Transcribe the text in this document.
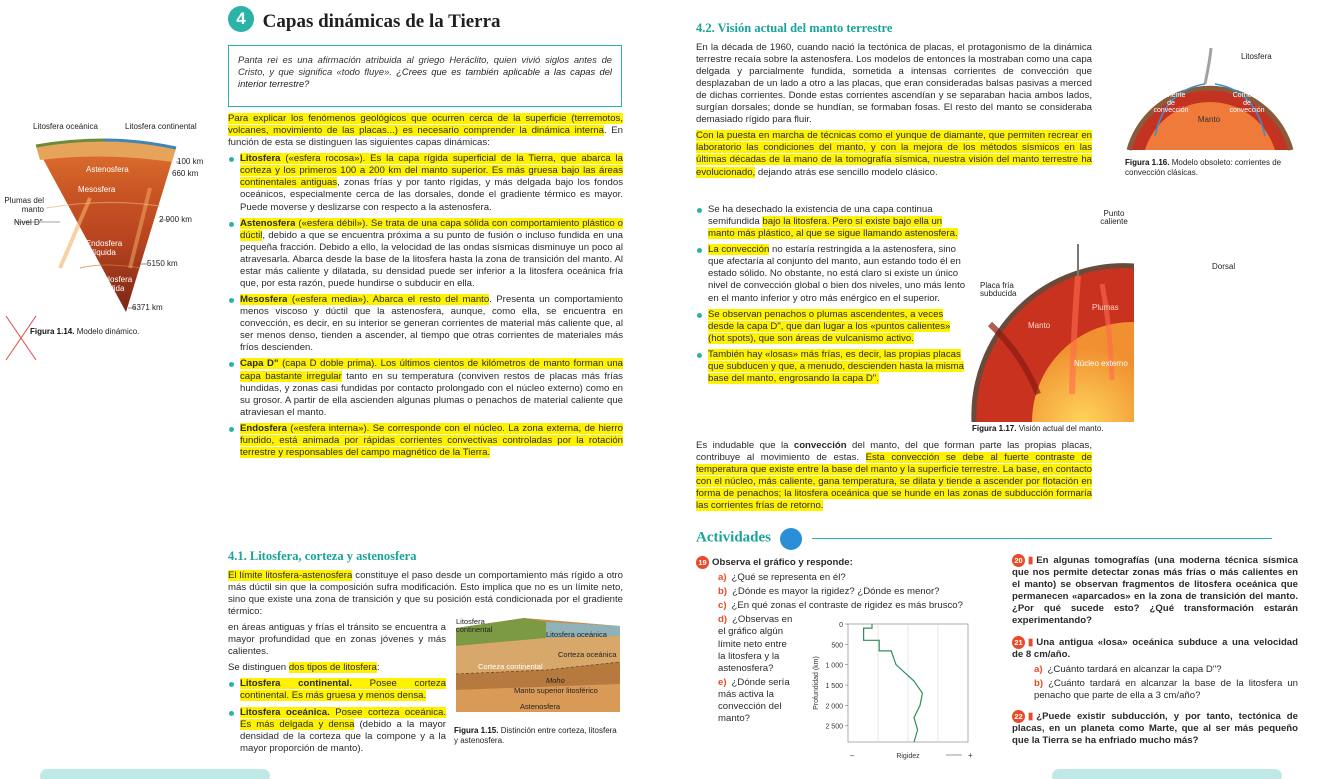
Litosfera oceánica	Litosfera continental
Astenosfera
Mesosfera
Endosfera líquida
Endosfera sólida
100 km
660 km
2 900 km
5150 km
6371 km
Plumas del manto
Nivel D"
Figura 1.14. Modelo dinámico.
4 Capas dinámicas de la Tierra
Panta rei es una afirmación atribuida al griego Heráclito, quien vivió siglos antes de Cristo, y que significa «todo fluye». ¿Crees que es también aplicable a las capas del interior terrestre?

Para explicar los fenómenos geológicos que ocurren cerca de la superficie (terremotos, volcanes, movimiento de las placas...) es necesario comprender la dinámica interna. En función de esta se distinguen las siguientes capas dinámicas:

Litosfera («esfera rocosa»). Es la capa rígida superficial de la Tierra, que abarca la corteza y los primeros 100 a 200 km del manto superior. Es más gruesa bajo las áreas continentales antiguas, zonas frías y por tanto rígidas, y más delgada bajo los fondos oceánicos, especialmente cerca de las dorsales, donde el gradiente térmico es mayor. Puede moverse y deslizarse con respecto a la astenosfera.
Astenosfera («esfera débil»). Se trata de una capa sólida con comportamiento plástico o dúctil, debido a que se encuentra próxima a su punto de fusión o incluso fundida en una pequeña fracción. Debido a ello, la velocidad de las ondas sísmicas disminuye un poco al atravesarla. Abarca desde la base de la litosfera hasta la zona de transición del manto. Al estar más caliente y dilatada, su densidad puede ser inferior a la litosfera oceánica fría que, por esta razón, puede hundirse o subducir en ella.
Mesosfera («esfera media»). Abarca el resto del manto. Presenta un comportamiento menos viscoso y dúctil que la astenosfera, aunque, como ella, se encuentra en convección, es decir, en su interior se generan corrientes de material más caliente que, al ser menos denso, tienden a ascender, al tiempo que otras corrientes de materiales más fríos descienden.
Capa D" (capa D doble prima). Los últimos cientos de kilómetros de manto forman una capa bastante irregular tanto en su temperatura (conviven restos de placas más frías hundidas, y zonas casi fundidas por contacto prolongado con el núcleo externo) como en su grosor. A partir de ella ascienden algunas plumas o penachos de material caliente que atraviesan el manto.
Endosfera («esfera interna»). Se corresponde con el núcleo. La zona externa, de hierro fundido, está animada por rápidas corrientes convectivas controladas por la rotación terrestre y responsables del campo magnético de la Tierra.
4.1. Litosfera, corteza y astenosfera

El límite litosfera-astenosfera constituye el paso desde un comportamiento más rígido a otro más dúctil sin que la composición sufra modificación. Esto implica que no es un límite neto, sino que existe una zona de transición y que su posición está condicionada por el gradiente térmico:

en áreas antiguas y frías el tránsito se encuentra a mayor profundidad que en zonas jóvenes y más calientes.

Se distinguen dos tipos de litosfera:

Litosfera continental. Posee corteza continental. Es más gruesa y menos densa.
Litosfera oceánica. Posee corteza oceánica. Es más delgada y densa (debido a la mayor densidad de la corteza que la compone y a la mayor proporción de manto).
Litosfera continental
Litosfera oceánica
Corteza oceánica
Corteza continental
Moho
Manto superior litosférico
Astenosfera
Figura 1.15. Distinción entre corteza, litosfera y astenosfera.
4.2. Visión actual del manto terrestre

En la década de 1960, cuando nació la tectónica de placas, el protagonismo de la dinámica terrestre recaía sobre la astenosfera. Los modelos de entonces la mostraban como una capa delgada y parcialmente fundida, sometida a intensas corrientes de convección que desplazaban de un lado a otro a las placas, que eran consideradas balsas pasivas a merced de dichas corrientes. Donde estas corrientes ascendían y se separaban hacia ambos lados, surgían dorsales; donde se hundían, se formaban fosas. El resto del manto se consideraba demasiado rígido para fluir.

Con la puesta en marcha de técnicas como el yunque de diamante, que permiten recrear en laboratorio las condiciones del manto, y con la mejora de los métodos sísmicos en las últimas décadas de la mano de la tomografía sísmica, nuestra visión del manto terrestre ha evolucionado, dejando atrás ese sencillo modelo clásico.

Litosfera
Corriente de convección
Corriente de convección
Manto
Figura 1.16. Modelo obsoleto: corrientes de convección clásicas.
Se ha desechado la existencia de una capa continua semifundida bajo la litosfera. Pero sí existe bajo ella un manto más plástico, al que se sigue llamando astenosfera.
La convección no estaría restringida a la astenosfera, sino que afectaría al conjunto del manto, aun estando todo él en estado sólido. No obstante, no está claro si existe un único nivel de convección global o bien dos niveles, uno más lento en el manto inferior y otro más enérgico en el superior.
Se observan penachos o plumas ascendentes, a veces desde la capa D", que dan lugar a los «puntos calientes» (hot spots), que son áreas de vulcanismo activo.
También hay «losas» más frías, es decir, las propias placas que subducen y que, a menudo, descienden hasta la misma base del manto, engrosando la capa D".
Punto caliente
Dorsal
Placa fría subducida
Plumas
Manto
Núcleo externo
Figura 1.17. Visión actual del manto.

Es indudable que la convección del manto, del que forman parte las propias placas, contribuye al movimiento de estas. Esta convección se debe al fuerte contraste de temperatura que existe entre la base del manto y la superficie terrestre. La base, en contacto con el núcleo, más caliente, gana temperatura, se dilata y tiende a ascender por flotación en forma de penachos; la litosfera oceánica que se hunde en las zonas de subducción formaría las corrientes frías de retorno.

Actividades
19 Observa el gráfico y responde:
a) ¿Qué se representa en él?
b) ¿Dónde es mayor la rigidez? ¿Dónde es menor?
c) ¿En qué zonas el contraste de rigidez es más brusco?
d) ¿Observas en el gráfico algún límite neto entre la litosfera y la astenosfera?
e) ¿Dónde sería más activa la convección del manto?
0
500
1 000
1 500
2 000
2 500
Profundidad (km)
–	Rigidez	+

20 ▮ En algunas tomografías (una moderna técnica sísmica que nos permite detectar zonas más frías o más calientes en el manto) se observan fragmentos de litosfera oceánica que permanecen «aparcados» en la zona de transición del manto. ¿Por qué sucede esto? ¿Qué transformación estarán experimentando?

21 ▮ Una antigua «losa» oceánica subduce a una velocidad de 8 cm/año.

a) ¿Cuánto tardará en alcanzar la capa D"?
b) ¿Cuánto tardará en alcanzar la base de la litosfera un penacho que parte de ella a 3 cm/año?

22 ▮ ¿Puede existir subducción, y por tanto, tectónica de placas, en un planeta como Marte, que al ser más pequeño que la Tierra se ha enfriado mucho más?
